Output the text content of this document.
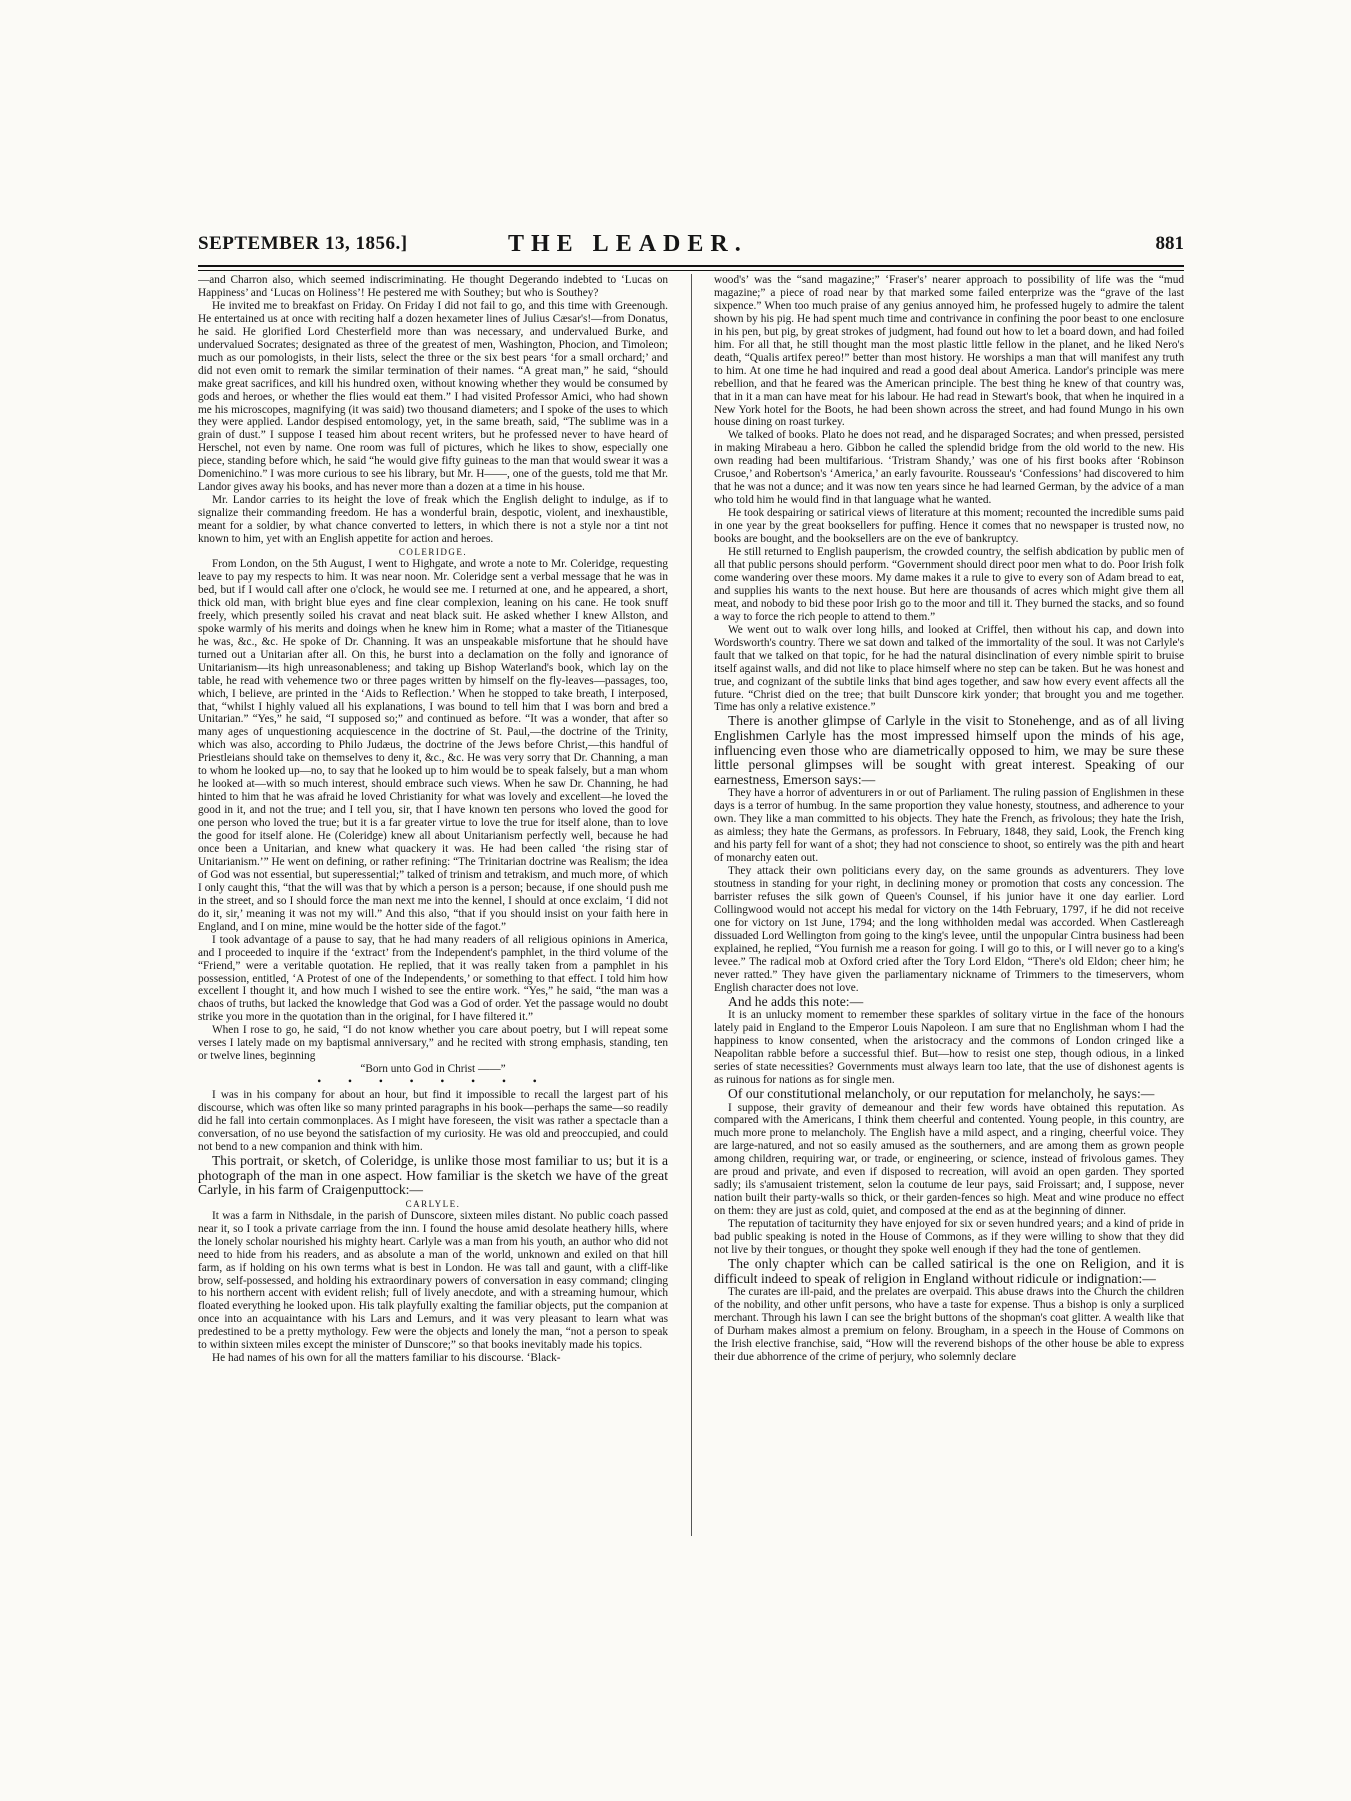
SEPTEMBER 13, 1856.]	THE LEADER.	881

—and Charron also, which seemed indiscriminating. He thought Degerando indebted to ‘Lucas on Happiness’ and ‘Lucas on Holiness’! He pestered me with Southey; but who is Southey?

He invited me to breakfast on Friday. On Friday I did not fail to go, and this time with Greenough. He entertained us at once with reciting half a dozen hexameter lines of Julius Cæsar's!—from Donatus, he said. He glorified Lord Chesterfield more than was necessary, and undervalued Burke, and undervalued Socrates; designated as three of the greatest of men, Washington, Phocion, and Timoleon; much as our pomologists, in their lists, select the three or the six best pears ‘for a small orchard;’ and did not even omit to remark the similar termination of their names. “A great man,” he said, “should make great sacrifices, and kill his hundred oxen, without knowing whether they would be consumed by gods and heroes, or whether the flies would eat them.” I had visited Professor Amici, who had shown me his microscopes, magnifying (it was said) two thousand diameters; and I spoke of the uses to which they were applied. Landor despised entomology, yet, in the same breath, said, “The sublime was in a grain of dust.” I suppose I teased him about recent writers, but he professed never to have heard of Herschel, not even by name. One room was full of pictures, which he likes to show, especially one piece, standing before which, he said “he would give fifty guineas to the man that would swear it was a Domenichino.” I was more curious to see his library, but Mr. H——, one of the guests, told me that Mr. Landor gives away his books, and has never more than a dozen at a time in his house.

Mr. Landor carries to its height the love of freak which the English delight to indulge, as if to signalize their commanding freedom. He has a wonderful brain, despotic, violent, and inexhaustible, meant for a soldier, by what chance converted to letters, in which there is not a style nor a tint not known to him, yet with an English appetite for action and heroes.

COLERIDGE.

From London, on the 5th August, I went to Highgate, and wrote a note to Mr. Coleridge, requesting leave to pay my respects to him. It was near noon. Mr. Coleridge sent a verbal message that he was in bed, but if I would call after one o'clock, he would see me. I returned at one, and he appeared, a short, thick old man, with bright blue eyes and fine clear complexion, leaning on his cane. He took snuff freely, which presently soiled his cravat and neat black suit. He asked whether I knew Allston, and spoke warmly of his merits and doings when he knew him in Rome; what a master of the Titianesque he was, &c., &c. He spoke of Dr. Channing. It was an unspeakable misfortune that he should have turned out a Unitarian after all. On this, he burst into a declamation on the folly and ignorance of Unitarianism—its high unreasonableness; and taking up Bishop Waterland's book, which lay on the table, he read with vehemence two or three pages written by himself on the fly-leaves—passages, too, which, I believe, are printed in the ‘Aids to Reflection.’ When he stopped to take breath, I interposed, that, “whilst I highly valued all his explanations, I was bound to tell him that I was born and bred a Unitarian.” “Yes,” he said, “I supposed so;” and continued as before. “It was a wonder, that after so many ages of unquestioning acquiescence in the doctrine of St. Paul,—the doctrine of the Trinity, which was also, according to Philo Judæus, the doctrine of the Jews before Christ,—this handful of Priestleians should take on themselves to deny it, &c., &c. He was very sorry that Dr. Channing, a man to whom he looked up—no, to say that he looked up to him would be to speak falsely, but a man whom he looked at—with so much interest, should embrace such views. When he saw Dr. Channing, he had hinted to him that he was afraid he loved Christianity for what was lovely and excellent—he loved the good in it, and not the true; and I tell you, sir, that I have known ten persons who loved the good for one person who loved the true; but it is a far greater virtue to love the true for itself alone, than to love the good for itself alone. He (Coleridge) knew all about Unitarianism perfectly well, because he had once been a Unitarian, and knew what quackery it was. He had been called ‘the rising star of Unitarianism.’” He went on defining, or rather refining: “The Trinitarian doctrine was Realism; the idea of God was not essential, but superessential;” talked of trinism and tetrakism, and much more, of which I only caught this, “that the will was that by which a person is a person; because, if one should push me in the street, and so I should force the man next me into the kennel, I should at once exclaim, ‘I did not do it, sir,’ meaning it was not my will.” And this also, “that if you should insist on your faith here in England, and I on mine, mine would be the hotter side of the fagot.”

I took advantage of a pause to say, that he had many readers of all religious opinions in America, and I proceeded to inquire if the ‘extract’ from the Independent's pamphlet, in the third volume of the “Friend,” were a veritable quotation. He replied, that it was really taken from a pamphlet in his possession, entitled, ‘A Protest of one of the Independents,’ or something to that effect. I told him how excellent I thought it, and how much I wished to see the entire work. “Yes,” he said, “the man was a chaos of truths, but lacked the knowledge that God was a God of order. Yet the passage would no doubt strike you more in the quotation than in the original, for I have filtered it.”

When I rose to go, he said, “I do not know whether you care about poetry, but I will repeat some verses I lately made on my baptismal anniversary,” and he recited with strong emphasis, standing, ten or twelve lines, beginning

“Born unto God in Christ ——”
• • • • • • • •

I was in his company for about an hour, but find it impossible to recall the largest part of his discourse, which was often like so many printed paragraphs in his book—perhaps the same—so readily did he fall into certain commonplaces. As I might have foreseen, the visit was rather a spectacle than a conversation, of no use beyond the satisfaction of my curiosity. He was old and preoccupied, and could not bend to a new companion and think with him.

This portrait, or sketch, of Coleridge, is unlike those most familiar to us; but it is a photograph of the man in one aspect. How familiar is the sketch we have of the great Carlyle, in his farm of Craigenputtock:—

CARLYLE.

It was a farm in Nithsdale, in the parish of Dunscore, sixteen miles distant. No public coach passed near it, so I took a private carriage from the inn. I found the house amid desolate heathery hills, where the lonely scholar nourished his mighty heart. Carlyle was a man from his youth, an author who did not need to hide from his readers, and as absolute a man of the world, unknown and exiled on that hill farm, as if holding on his own terms what is best in London. He was tall and gaunt, with a cliff-like brow, self-possessed, and holding his extraordinary powers of conversation in easy command; clinging to his northern accent with evident relish; full of lively anecdote, and with a streaming humour, which floated everything he looked upon. His talk playfully exalting the familiar objects, put the companion at once into an acquaintance with his Lars and Lemurs, and it was very pleasant to learn what was predestined to be a pretty mythology. Few were the objects and lonely the man, “not a person to speak to within sixteen miles except the minister of Dunscore;” so that books inevitably made his topics.

He had names of his own for all the matters familiar to his discourse. ‘Black-

wood's’ was the “sand magazine;” ‘Fraser's’ nearer approach to possibility of life was the “mud magazine;” a piece of road near by that marked some failed enterprize was the “grave of the last sixpence.” When too much praise of any genius annoyed him, he professed hugely to admire the talent shown by his pig. He had spent much time and contrivance in confining the poor beast to one enclosure in his pen, but pig, by great strokes of judgment, had found out how to let a board down, and had foiled him. For all that, he still thought man the most plastic little fellow in the planet, and he liked Nero's death, “Qualis artifex pereo!” better than most history. He worships a man that will manifest any truth to him. At one time he had inquired and read a good deal about America. Landor's principle was mere rebellion, and that he feared was the American principle. The best thing he knew of that country was, that in it a man can have meat for his labour. He had read in Stewart's book, that when he inquired in a New York hotel for the Boots, he had been shown across the street, and had found Mungo in his own house dining on roast turkey.

We talked of books. Plato he does not read, and he disparaged Socrates; and when pressed, persisted in making Mirabeau a hero. Gibbon he called the splendid bridge from the old world to the new. His own reading had been multifarious. ‘Tristram Shandy,’ was one of his first books after ‘Robinson Crusoe,’ and Robertson's ‘America,’ an early favourite. Rousseau's ‘Confessions’ had discovered to him that he was not a dunce; and it was now ten years since he had learned German, by the advice of a man who told him he would find in that language what he wanted.

He took despairing or satirical views of literature at this moment; recounted the incredible sums paid in one year by the great booksellers for puffing. Hence it comes that no newspaper is trusted now, no books are bought, and the booksellers are on the eve of bankruptcy.

He still returned to English pauperism, the crowded country, the selfish abdication by public men of all that public persons should perform. “Government should direct poor men what to do. Poor Irish folk come wandering over these moors. My dame makes it a rule to give to every son of Adam bread to eat, and supplies his wants to the next house. But here are thousands of acres which might give them all meat, and nobody to bid these poor Irish go to the moor and till it. They burned the stacks, and so found a way to force the rich people to attend to them.”

We went out to walk over long hills, and looked at Criffel, then without his cap, and down into Wordsworth's country. There we sat down and talked of the immortality of the soul. It was not Carlyle's fault that we talked on that topic, for he had the natural disinclination of every nimble spirit to bruise itself against walls, and did not like to place himself where no step can be taken. But he was honest and true, and cognizant of the subtile links that bind ages together, and saw how every event affects all the future. “Christ died on the tree; that built Dunscore kirk yonder; that brought you and me together. Time has only a relative existence.”

There is another glimpse of Carlyle in the visit to Stonehenge, and as of all living Englishmen Carlyle has the most impressed himself upon the minds of his age, influencing even those who are diametrically opposed to him, we may be sure these little personal glimpses will be sought with great interest. Speaking of our earnestness, Emerson says:—

They have a horror of adventurers in or out of Parliament. The ruling passion of Englishmen in these days is a terror of humbug. In the same proportion they value honesty, stoutness, and adherence to your own. They like a man committed to his objects. They hate the French, as frivolous; they hate the Irish, as aimless; they hate the Germans, as professors. In February, 1848, they said, Look, the French king and his party fell for want of a shot; they had not conscience to shoot, so entirely was the pith and heart of monarchy eaten out.

They attack their own politicians every day, on the same grounds as adventurers. They love stoutness in standing for your right, in declining money or promotion that costs any concession. The barrister refuses the silk gown of Queen's Counsel, if his junior have it one day earlier. Lord Collingwood would not accept his medal for victory on the 14th February, 1797, if he did not receive one for victory on 1st June, 1794; and the long withholden medal was accorded. When Castlereagh dissuaded Lord Wellington from going to the king's levee, until the unpopular Cintra business had been explained, he replied, “You furnish me a reason for going. I will go to this, or I will never go to a king's levee.” The radical mob at Oxford cried after the Tory Lord Eldon, “There's old Eldon; cheer him; he never ratted.” They have given the parliamentary nickname of Trimmers to the timeservers, whom English character does not love.

And he adds this note:—

It is an unlucky moment to remember these sparkles of solitary virtue in the face of the honours lately paid in England to the Emperor Louis Napoleon. I am sure that no Englishman whom I had the happiness to know consented, when the aristocracy and the commons of London cringed like a Neapolitan rabble before a successful thief. But—how to resist one step, though odious, in a linked series of state necessities? Governments must always learn too late, that the use of dishonest agents is as ruinous for nations as for single men.

Of our constitutional melancholy, or our reputation for melancholy, he says:—

I suppose, their gravity of demeanour and their few words have obtained this reputation. As compared with the Americans, I think them cheerful and contented. Young people, in this country, are much more prone to melancholy. The English have a mild aspect, and a ringing, cheerful voice. They are large-natured, and not so easily amused as the southerners, and are among them as grown people among children, requiring war, or trade, or engineering, or science, instead of frivolous games. They are proud and private, and even if disposed to recreation, will avoid an open garden. They sported sadly; ils s'amusaient tristement, selon la coutume de leur pays, said Froissart; and, I suppose, never nation built their party-walls so thick, or their garden-fences so high. Meat and wine produce no effect on them: they are just as cold, quiet, and composed at the end as at the beginning of dinner.

The reputation of taciturnity they have enjoyed for six or seven hundred years; and a kind of pride in bad public speaking is noted in the House of Commons, as if they were willing to show that they did not live by their tongues, or thought they spoke well enough if they had the tone of gentlemen.

The only chapter which can be called satirical is the one on Religion, and it is difficult indeed to speak of religion in England without ridicule or indignation:—

The curates are ill-paid, and the prelates are overpaid. This abuse draws into the Church the children of the nobility, and other unfit persons, who have a taste for expense. Thus a bishop is only a surpliced merchant. Through his lawn I can see the bright buttons of the shopman's coat glitter. A wealth like that of Durham makes almost a premium on felony. Brougham, in a speech in the House of Commons on the Irish elective franchise, said, “How will the reverend bishops of the other house be able to express their due abhorrence of the crime of perjury, who solemnly declare
